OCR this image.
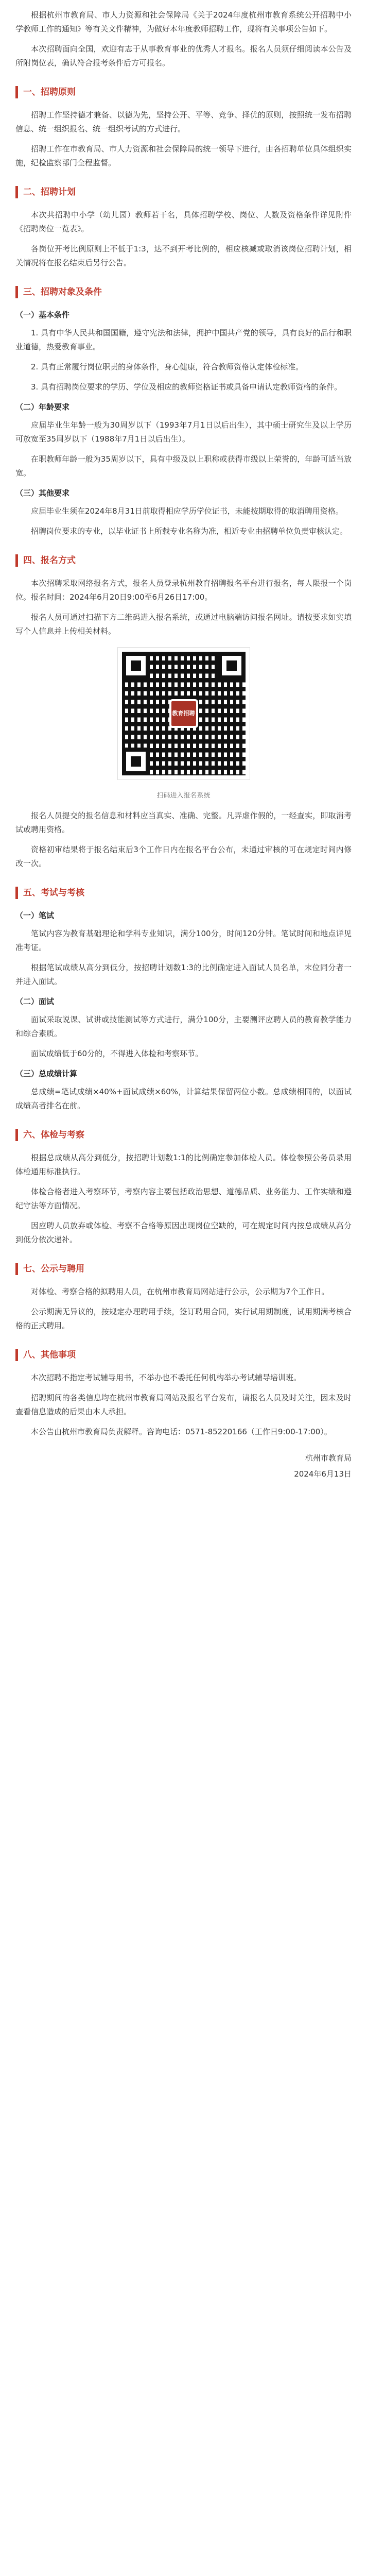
根据杭州市教育局、市人力资源和社会保障局《关于2024年度杭州市教育系统公开招聘中小学教师工作的通知》等有关文件精神，为做好本年度教师招聘工作，现将有关事项公告如下。

本次招聘面向全国，欢迎有志于从事教育事业的优秀人才报名。报名人员须仔细阅读本公告及所附岗位表，确认符合报考条件后方可报名。

一、招聘原则

招聘工作坚持德才兼备、以德为先，坚持公开、平等、竞争、择优的原则，按照统一发布招聘信息、统一组织报名、统一组织考试的方式进行。

招聘工作在市教育局、市人力资源和社会保障局的统一领导下进行，由各招聘单位具体组织实施，纪检监察部门全程监督。

二、招聘计划

本次共招聘中小学（幼儿园）教师若干名，具体招聘学校、岗位、人数及资格条件详见附件《招聘岗位一览表》。

各岗位开考比例原则上不低于1:3，达不到开考比例的，相应核减或取消该岗位招聘计划，相关情况将在报名结束后另行公告。

三、招聘对象及条件

（一）基本条件

1. 具有中华人民共和国国籍，遵守宪法和法律，拥护中国共产党的领导，具有良好的品行和职业道德，热爱教育事业。

2. 具有正常履行岗位职责的身体条件，身心健康，符合教师资格认定体检标准。

3. 具有招聘岗位要求的学历、学位及相应的教师资格证书或具备申请认定教师资格的条件。

（二）年龄要求

应届毕业生年龄一般为30周岁以下（1993年7月1日以后出生），其中硕士研究生及以上学历可放宽至35周岁以下（1988年7月1日以后出生）。

在职教师年龄一般为35周岁以下，具有中级及以上职称或获得市级以上荣誉的，年龄可适当放宽。

（三）其他要求

应届毕业生须在2024年8月31日前取得相应学历学位证书，未能按期取得的取消聘用资格。

招聘岗位要求的专业，以毕业证书上所载专业名称为准，相近专业由招聘单位负责审核认定。

四、报名方式

本次招聘采取网络报名方式，报名人员登录杭州教育招聘报名平台进行报名，每人限报一个岗位。报名时间：2024年6月20日9:00至6月26日17:00。

报名人员可通过扫描下方二维码进入报名系统，或通过电脑端访问报名网址。请按要求如实填写个人信息并上传相关材料。

教育招聘

扫码进入报名系统

报名人员提交的报名信息和材料应当真实、准确、完整。凡弄虚作假的，一经查实，即取消考试或聘用资格。

资格初审结果将于报名结束后3个工作日内在报名平台公布，未通过审核的可在规定时间内修改一次。

五、考试与考核

（一）笔试

笔试内容为教育基础理论和学科专业知识，满分100分，时间120分钟。笔试时间和地点详见准考证。

根据笔试成绩从高分到低分，按招聘计划数1:3的比例确定进入面试人员名单，末位同分者一并进入面试。

（二）面试

面试采取说课、试讲或技能测试等方式进行，满分100分，主要测评应聘人员的教育教学能力和综合素质。

面试成绩低于60分的，不得进入体检和考察环节。

（三）总成绩计算

总成绩=笔试成绩×40%+面试成绩×60%，计算结果保留两位小数。总成绩相同的，以面试成绩高者排名在前。

六、体检与考察

根据总成绩从高分到低分，按招聘计划数1:1的比例确定参加体检人员。体检参照公务员录用体检通用标准执行。

体检合格者进入考察环节，考察内容主要包括政治思想、道德品质、业务能力、工作实绩和遵纪守法等方面情况。

因应聘人员放弃或体检、考察不合格等原因出现岗位空缺的，可在规定时间内按总成绩从高分到低分依次递补。

七、公示与聘用

对体检、考察合格的拟聘用人员，在杭州市教育局网站进行公示，公示期为7个工作日。

公示期满无异议的，按规定办理聘用手续，签订聘用合同，实行试用期制度，试用期满考核合格的正式聘用。

八、其他事项

本次招聘不指定考试辅导用书，不举办也不委托任何机构举办考试辅导培训班。

招聘期间的各类信息均在杭州市教育局网站及报名平台发布，请报名人员及时关注，因未及时查看信息造成的后果由本人承担。

本公告由杭州市教育局负责解释。咨询电话：0571-85220166（工作日9:00-17:00）。

杭州市教育局

2024年6月13日
